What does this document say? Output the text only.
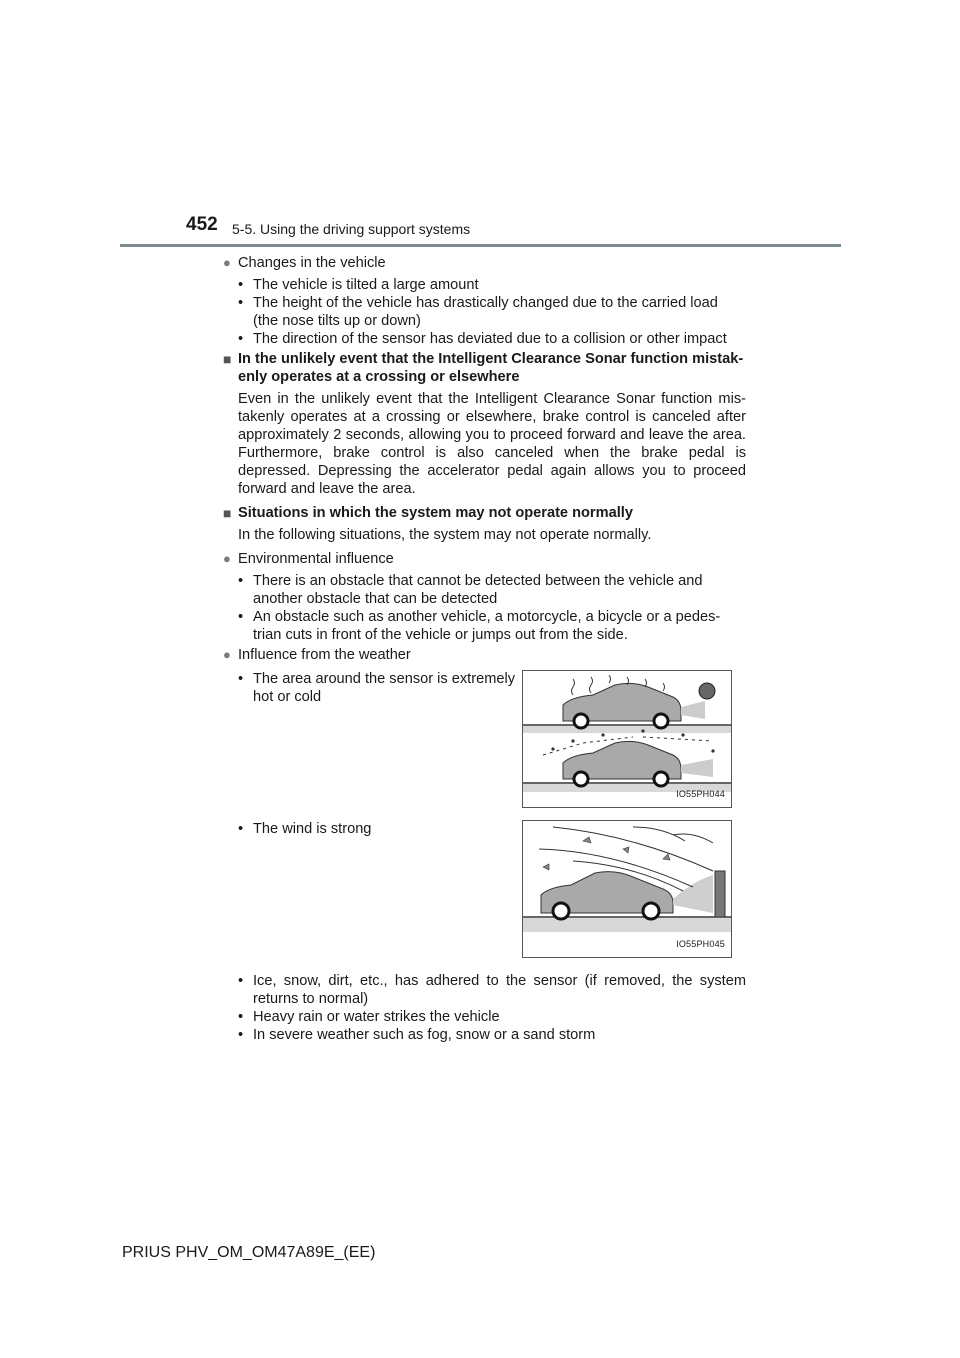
452 5-5. Using the driving support systems

● Changes in the vehicle

• The vehicle is tilted a large amount

• The height of the vehicle has drastically changed due to the carried load (the nose tilts up or down)

• The direction of the sensor has deviated due to a collision or other impact

■ In the unlikely event that the Intelligent Clearance Sonar function mistak-enly operates at a crossing or elsewhere

Even in the unlikely event that the Intelligent Clearance Sonar function mis-takenly operates at a crossing or elsewhere, brake control is canceled after approximately 2 seconds, allowing you to proceed forward and leave the area. Furthermore, brake control is also canceled when the brake pedal is depressed. Depressing the accelerator pedal again allows you to proceed forward and leave the area.

■ Situations in which the system may not operate normally

In the following situations, the system may not operate normally.

● Environmental influence

• There is an obstacle that cannot be detected between the vehicle and another obstacle that can be detected

• An obstacle such as another vehicle, a motorcycle, a bicycle or a pedes-trian cuts in front of the vehicle or jumps out from the side.

● Influence from the weather

• The area around the sensor is extremely hot or cold

IO55PH044

• The wind is strong

IO55PH045

• Ice, snow, dirt, etc., has adhered to the sensor (if removed, the system returns to normal)

• Heavy rain or water strikes the vehicle

• In severe weather such as fog, snow or a sand storm

PRIUS PHV_OM_OM47A89E_(EE)
